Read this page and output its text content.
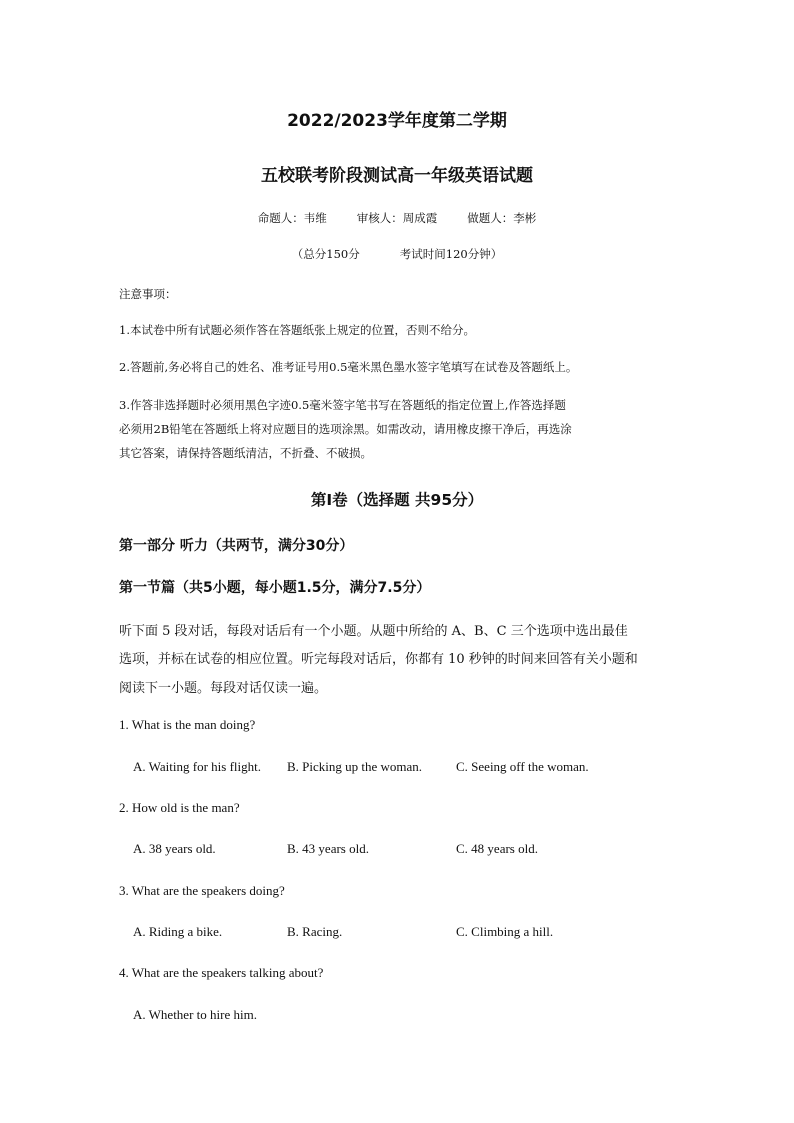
2022/2023学年度第二学期
五校联考阶段测试高一年级英语试题
命题人：韦维	审核人：周成霞	做题人：李彬
（总分150分	考试时间120分钟）
注意事项：
1.本试卷中所有试题必须作答在答题纸张上规定的位置，否则不给分。
2.答题前,务必将自己的姓名、准考证号用0.5毫米黑色墨水签字笔填写在试卷及答题纸上。
3.作答非选择题时必须用黑色字迹0.5毫米签字笔书写在答题纸的指定位置上,作答选择题
必须用2B铅笔在答题纸上将对应题目的选项涂黑。如需改动，请用橡皮擦干净后，再选涂
其它答案，请保持答题纸清洁，不折叠、不破损。
第Ⅰ卷（选择题 共95分）
第一部分 听力（共两节，满分30分）
第一节篇（共5小题，每小题1.5分，满分7.5分）
听下面 5 段对话，每段对话后有一个小题。从题中所给的 A、B、C 三个选项中选出最佳
选项，并标在试卷的相应位置。听完每段对话后，你都有 10 秒钟的时间来回答有关小题和
阅读下一小题。每段对话仅读一遍。
1. What is the man doing?
A. Waiting for his flight. B. Picking up the woman.	C. Seeing off the woman.
2. How old is the man?
A. 38 years old.	B. 43 years old.	C. 48 years old.
3. What are the speakers doing?
A. Riding a bike.	B. Racing.	C. Climbing a hill.
4. What are the speakers talking about?
A. Whether to hire him.
